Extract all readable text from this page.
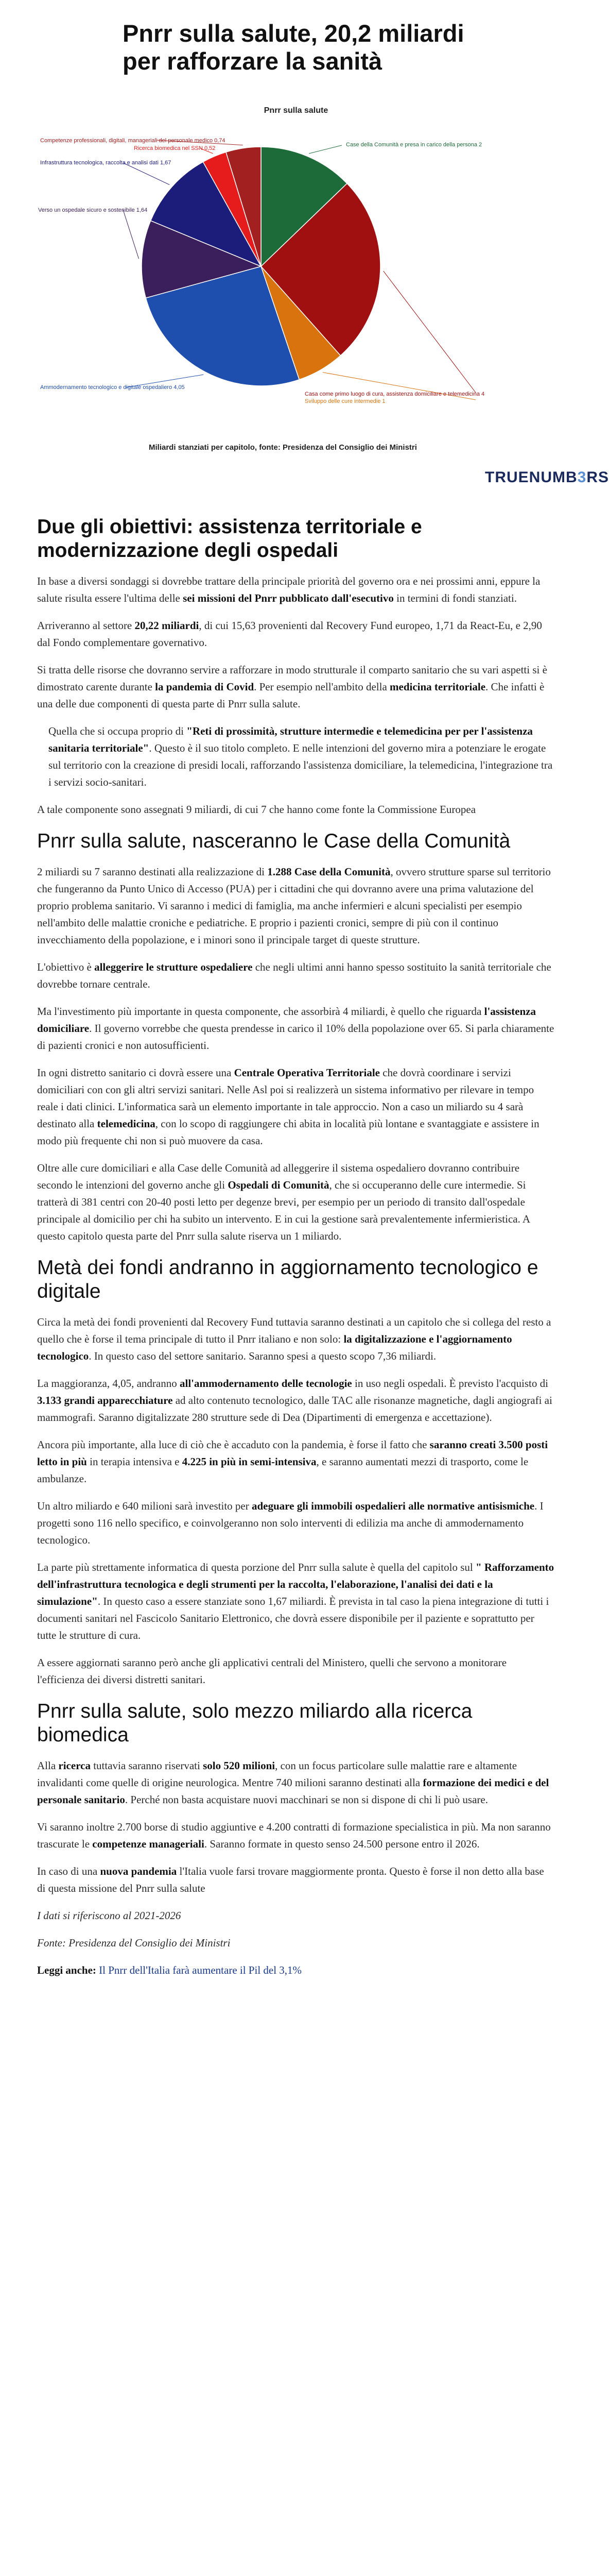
Pnrr sulla salute, 20,2 miliardi
per rafforzare la sanità
Competenze professionali, digitali, manageriali del personale medico 0,74
Ricerca biomedica nel SSN 0,52
Infrastruttura tecnologica, raccolta e analisi dati 1,67
Verso un ospedale sicuro e sostenibile 1,64
Ammodernamento tecnologico e digitale ospedaliero 4,05
Case della Comunità e presa in carico della persona 2
Casa come primo luogo di cura, assistenza domiciliare e telemedicina 4
Sviluppo delle cure intermedie 1
Pnrr sulla salute
Miliardi stanziati per capitolo, fonte: Presidenza del Consiglio dei Ministri
TRUENUMB3RS
Due gli obiettivi: assistenza territoriale e modernizzazione degli ospedali

In base a diversi sondaggi si dovrebbe trattare della principale priorità del governo ora e nei prossimi anni, eppure la salute risulta essere l'ultima delle sei missioni del Pnrr pubblicato dall'esecutivo in termini di fondi stanziati.

Arriveranno al settore 20,22 miliardi, di cui 15,63 provenienti dal Recovery Fund europeo, 1,71 da React-Eu, e 2,90 dal Fondo complementare governativo.

Si tratta delle risorse che dovranno servire a rafforzare in modo strutturale il comparto sanitario che su vari aspetti si è dimostrato carente durante la pandemia di Covid. Per esempio nell'ambito della medicina territoriale. Che infatti è una delle due componenti di questa parte di Pnrr sulla salute.

Quella che si occupa proprio di "Reti di prossimità, strutture intermedie e telemedicina per per l'assistenza sanitaria territoriale". Questo è il suo titolo completo. E nelle intenzioni del governo mira a potenziare le erogate sul territorio con la creazione di presidi locali, rafforzando l'assistenza domiciliare, la telemedicina, l'integrazione tra i servizi socio-sanitari.

A tale componente sono assegnati 9 miliardi, di cui 7 che hanno come fonte la Commissione Europea

Pnrr sulla salute, nasceranno le Case della Comunità

2 miliardi su 7 saranno destinati alla realizzazione di 1.288 Case della Comunità, ovvero strutture sparse sul territorio che fungeranno da Punto Unico di Accesso (PUA) per i cittadini che qui dovranno avere una prima valutazione del proprio problema sanitario. Vi saranno i medici di famiglia, ma anche infermieri e alcuni specialisti per esempio nell'ambito delle malattie croniche e pediatriche. E proprio i pazienti cronici, sempre di più con il continuo invecchiamento della popolazione, e i minori sono il principale target di queste strutture.

L'obiettivo è alleggerire le strutture ospedaliere che negli ultimi anni hanno spesso sostituito la sanità territoriale che dovrebbe tornare centrale.

Ma l'investimento più importante in questa componente, che assorbirà 4 miliardi, è quello che riguarda l'assistenza domiciliare. Il governo vorrebbe che questa prendesse in carico il 10% della popolazione over 65. Si parla chiaramente di pazienti cronici e non autosufficienti.

In ogni distretto sanitario ci dovrà essere una Centrale Operativa Territoriale che dovrà coordinare i servizi domiciliari con con gli altri servizi sanitari. Nelle Asl poi si realizzerà un sistema informativo per rilevare in tempo reale i dati clinici. L'informatica sarà un elemento importante in tale approccio. Non a caso un miliardo su 4 sarà destinato alla telemedicina, con lo scopo di raggiungere chi abita in località più lontane e svantaggiate e assistere in modo più frequente chi non si può muovere da casa.

Oltre alle cure domiciliari e alla Case delle Comunità ad alleggerire il sistema ospedaliero dovranno contribuire secondo le intenzioni del governo anche gli Ospedali di Comunità, che si occuperanno delle cure intermedie. Si tratterà di 381 centri con 20-40 posti letto per degenze brevi, per esempio per un periodo di transito dall'ospedale principale al domicilio per chi ha subito un intervento. E in cui la gestione sarà prevalentemente infermieristica. A questo capitolo questa parte del Pnrr sulla salute riserva un 1 miliardo.

Metà dei fondi andranno in aggiornamento tecnologico e digitale

Circa la metà dei fondi provenienti dal Recovery Fund tuttavia saranno destinati a un capitolo che si collega del resto a quello che è forse il tema principale di tutto il Pnrr italiano e non solo: la digitalizzazione e l'aggiornamento tecnologico. In questo caso del settore sanitario. Saranno spesi a questo scopo 7,36 miliardi.

La maggioranza, 4,05, andranno all'ammodernamento delle tecnologie in uso negli ospedali. È previsto l'acquisto di 3.133 grandi apparecchiature ad alto contenuto tecnologico, dalle TAC alle risonanze magnetiche, dagli angiografi ai mammografi. Saranno digitalizzate 280 strutture sede di Dea (Dipartimenti di emergenza e accettazione).

Ancora più importante, alla luce di ciò che è accaduto con la pandemia, è forse il fatto che saranno creati 3.500 posti letto in più in terapia intensiva e 4.225 in più in semi-intensiva, e saranno aumentati mezzi di trasporto, come le ambulanze.

Un altro miliardo e 640 milioni sarà investito per adeguare gli immobili ospedalieri alle normative antisismiche. I progetti sono 116 nello specifico, e coinvolgeranno non solo interventi di edilizia ma anche di ammodernamento tecnologico.

La parte più strettamente informatica di questa porzione del Pnrr sulla salute è quella del capitolo sul " Rafforzamento dell'infrastruttura tecnologica e degli strumenti per la raccolta, l'elaborazione, l'analisi dei dati e la simulazione". In questo caso a essere stanziate sono 1,67 miliardi. È prevista in tal caso la piena integrazione di tutti i documenti sanitari nel Fascicolo Sanitario Elettronico, che dovrà essere disponibile per il paziente e soprattutto per tutte le strutture di cura.

A essere aggiornati saranno però anche gli applicativi centrali del Ministero, quelli che servono a monitorare l'efficienza dei diversi distretti sanitari.

Pnrr sulla salute, solo mezzo miliardo alla ricerca biomedica

Alla ricerca tuttavia saranno riservati solo 520 milioni, con un focus particolare sulle malattie rare e altamente invalidanti come quelle di origine neurologica. Mentre 740 milioni saranno destinati alla formazione dei medici e del personale sanitario. Perché non basta acquistare nuovi macchinari se non si dispone di chi li può usare.

Vi saranno inoltre 2.700 borse di studio aggiuntive e 4.200 contratti di formazione specialistica in più. Ma non saranno trascurate le competenze manageriali. Saranno formate in questo senso 24.500 persone entro il 2026.

In caso di una nuova pandemia l'Italia vuole farsi trovare maggiormente pronta. Questo è forse il non detto alla base di questa missione del Pnrr sulla salute

I dati si riferiscono al 2021-2026

Fonte: Presidenza del Consiglio dei Ministri

Leggi anche: Il Pnrr dell'Italia farà aumentare il Pil del 3,1%
